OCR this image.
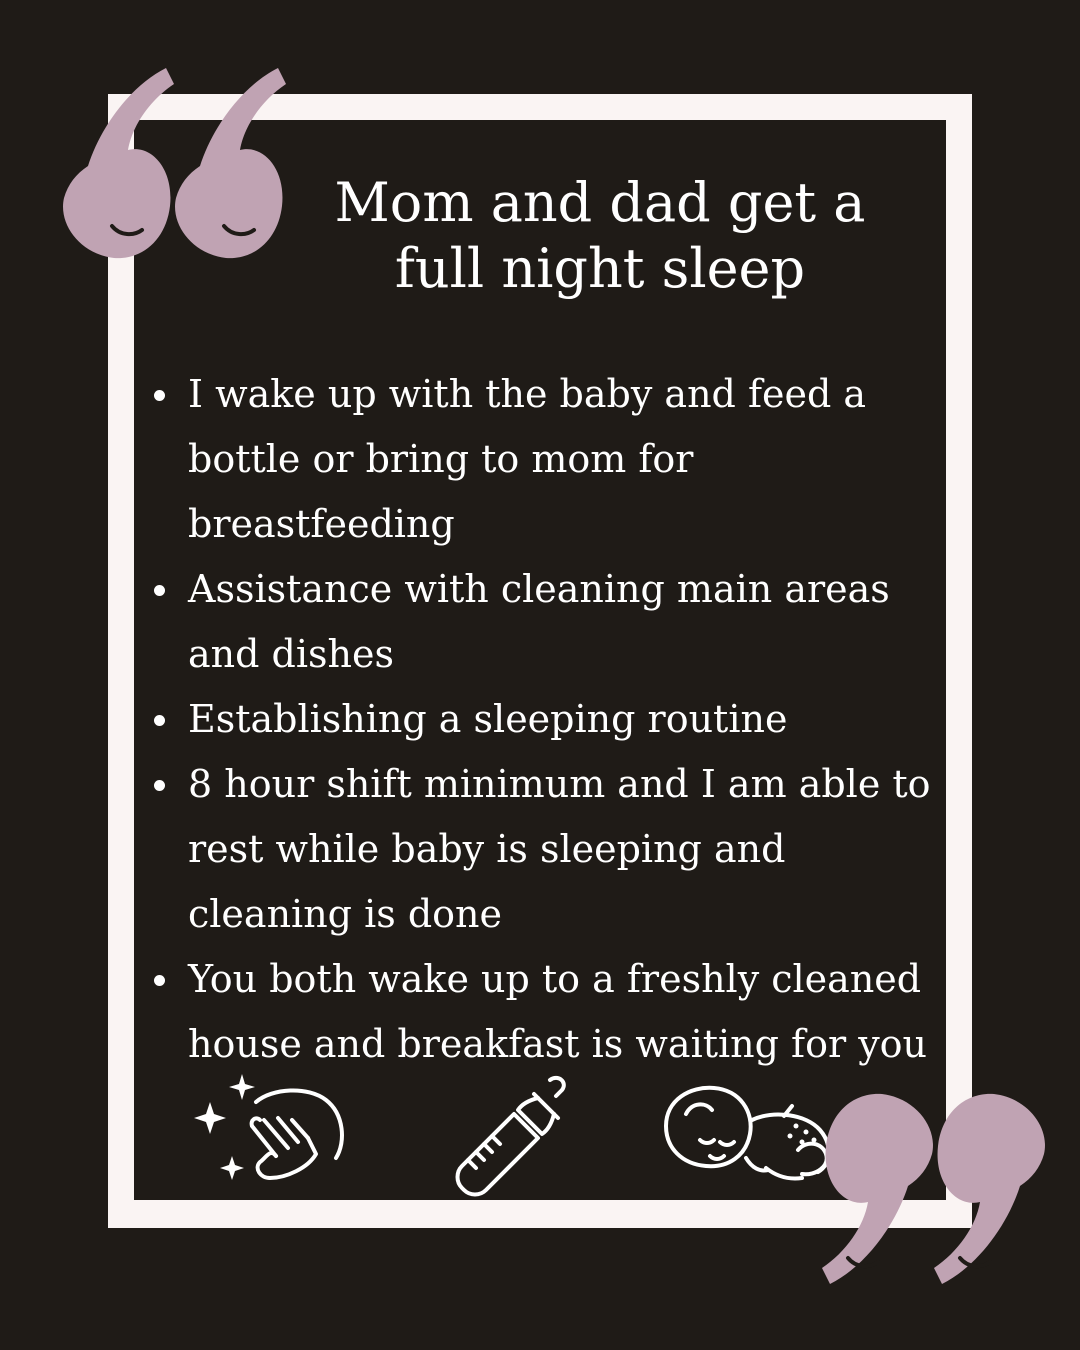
Mom and dad get a full night sleep
I wake up with the baby and feed a bottle or bring to mom for breastfeeding
Assistance with cleaning main areas and dishes
Establishing a sleeping routine
8 hour shift minimum and I am able to rest while baby is sleeping and cleaning is done
You both wake up to a freshly cleaned house and breakfast is waiting for you
